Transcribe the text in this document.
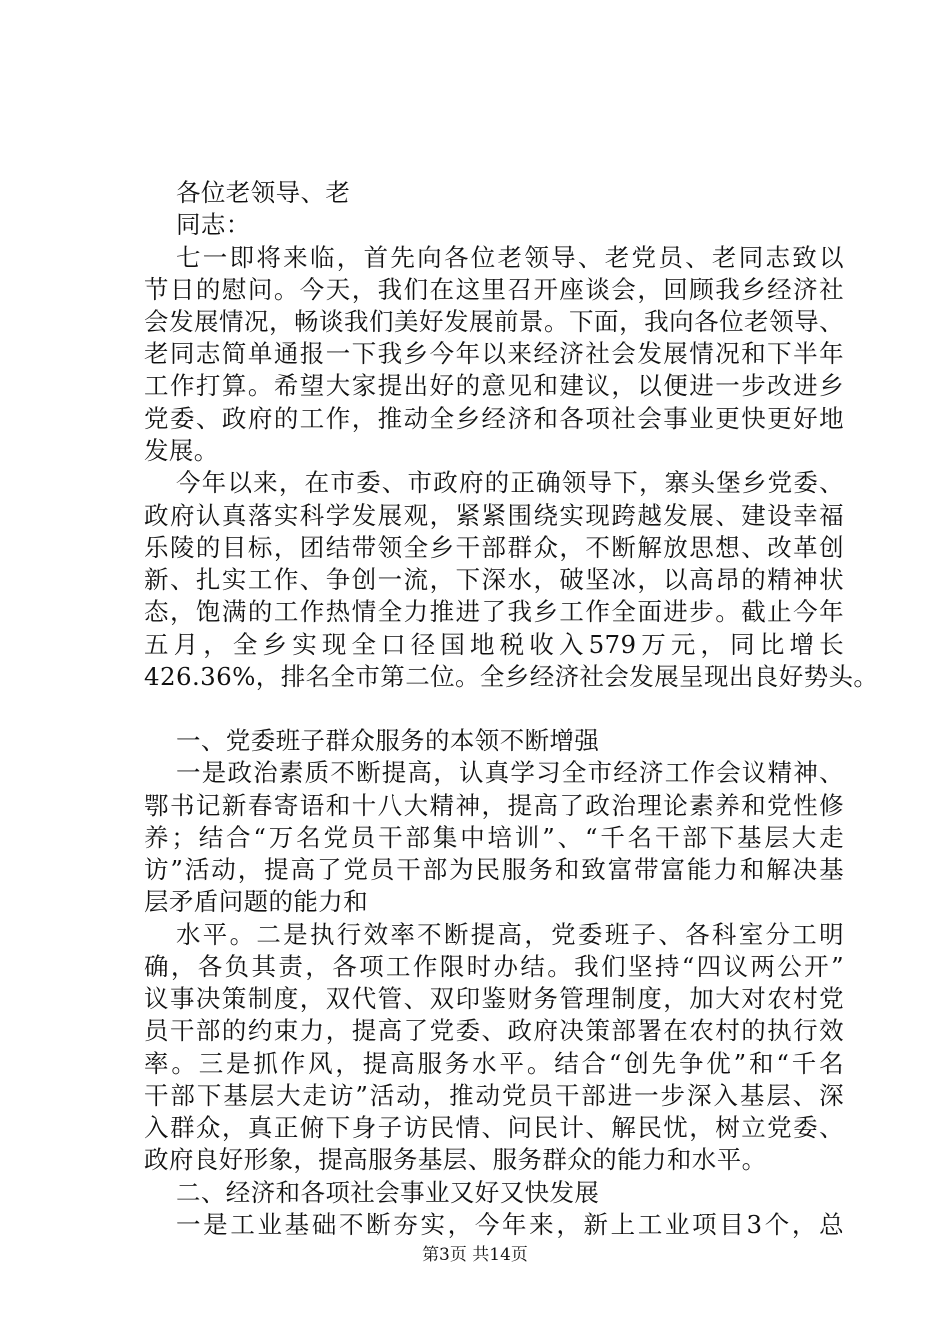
各位老领导、老
同志：
七一即将来临，首先向各位老领导、老党员、老同志致以
节日的慰问。今天，我们在这里召开座谈会，回顾我乡经济社
会发展情况，畅谈我们美好发展前景。下面，我向各位老领导、
老同志简单通报一下我乡今年以来经济社会发展情况和下半年
工作打算。希望大家提出好的意见和建议，以便进一步改进乡
党委、政府的工作，推动全乡经济和各项社会事业更快更好地
发展。
今年以来，在市委、市政府的正确领导下，寨头堡乡党委、
政府认真落实科学发展观，紧紧围绕实现跨越发展、建设幸福
乐陵的目标，团结带领全乡干部群众，不断解放思想、改革创
新、扎实工作、争创一流，下深水，破坚冰，以高昂的精神状
态，饱满的工作热情全力推进了我乡工作全面进步。截止今年
五月，全乡实现全口径国地税收入579万元，同比增长
426.36%，排名全市第二位。全乡经济社会发展呈现出良好势头。
一、党委班子群众服务的本领不断增强
一是政治素质不断提高，认真学习全市经济工作会议精神、
鄂书记新春寄语和十八大精神，提高了政治理论素养和党性修
养；结合“万名党员干部集中培训”、“千名干部下基层大走
访”活动，提高了党员干部为民服务和致富带富能力和解决基
层矛盾问题的能力和
水平。二是执行效率不断提高，党委班子、各科室分工明
确，各负其责，各项工作限时办结。我们坚持“四议两公开”
议事决策制度，双代管、双印鉴财务管理制度，加大对农村党
员干部的约束力，提高了党委、政府决策部署在农村的执行效
率。三是抓作风，提高服务水平。结合“创先争优”和“千名
干部下基层大走访”活动，推动党员干部进一步深入基层、深
入群众，真正俯下身子访民情、问民计、解民忧，树立党委、
政府良好形象，提高服务基层、服务群众的能力和水平。
二、经济和各项社会事业又好又快发展
一是工业基础不断夯实，今年来，新上工业项目3个，总
第3页 共14页
